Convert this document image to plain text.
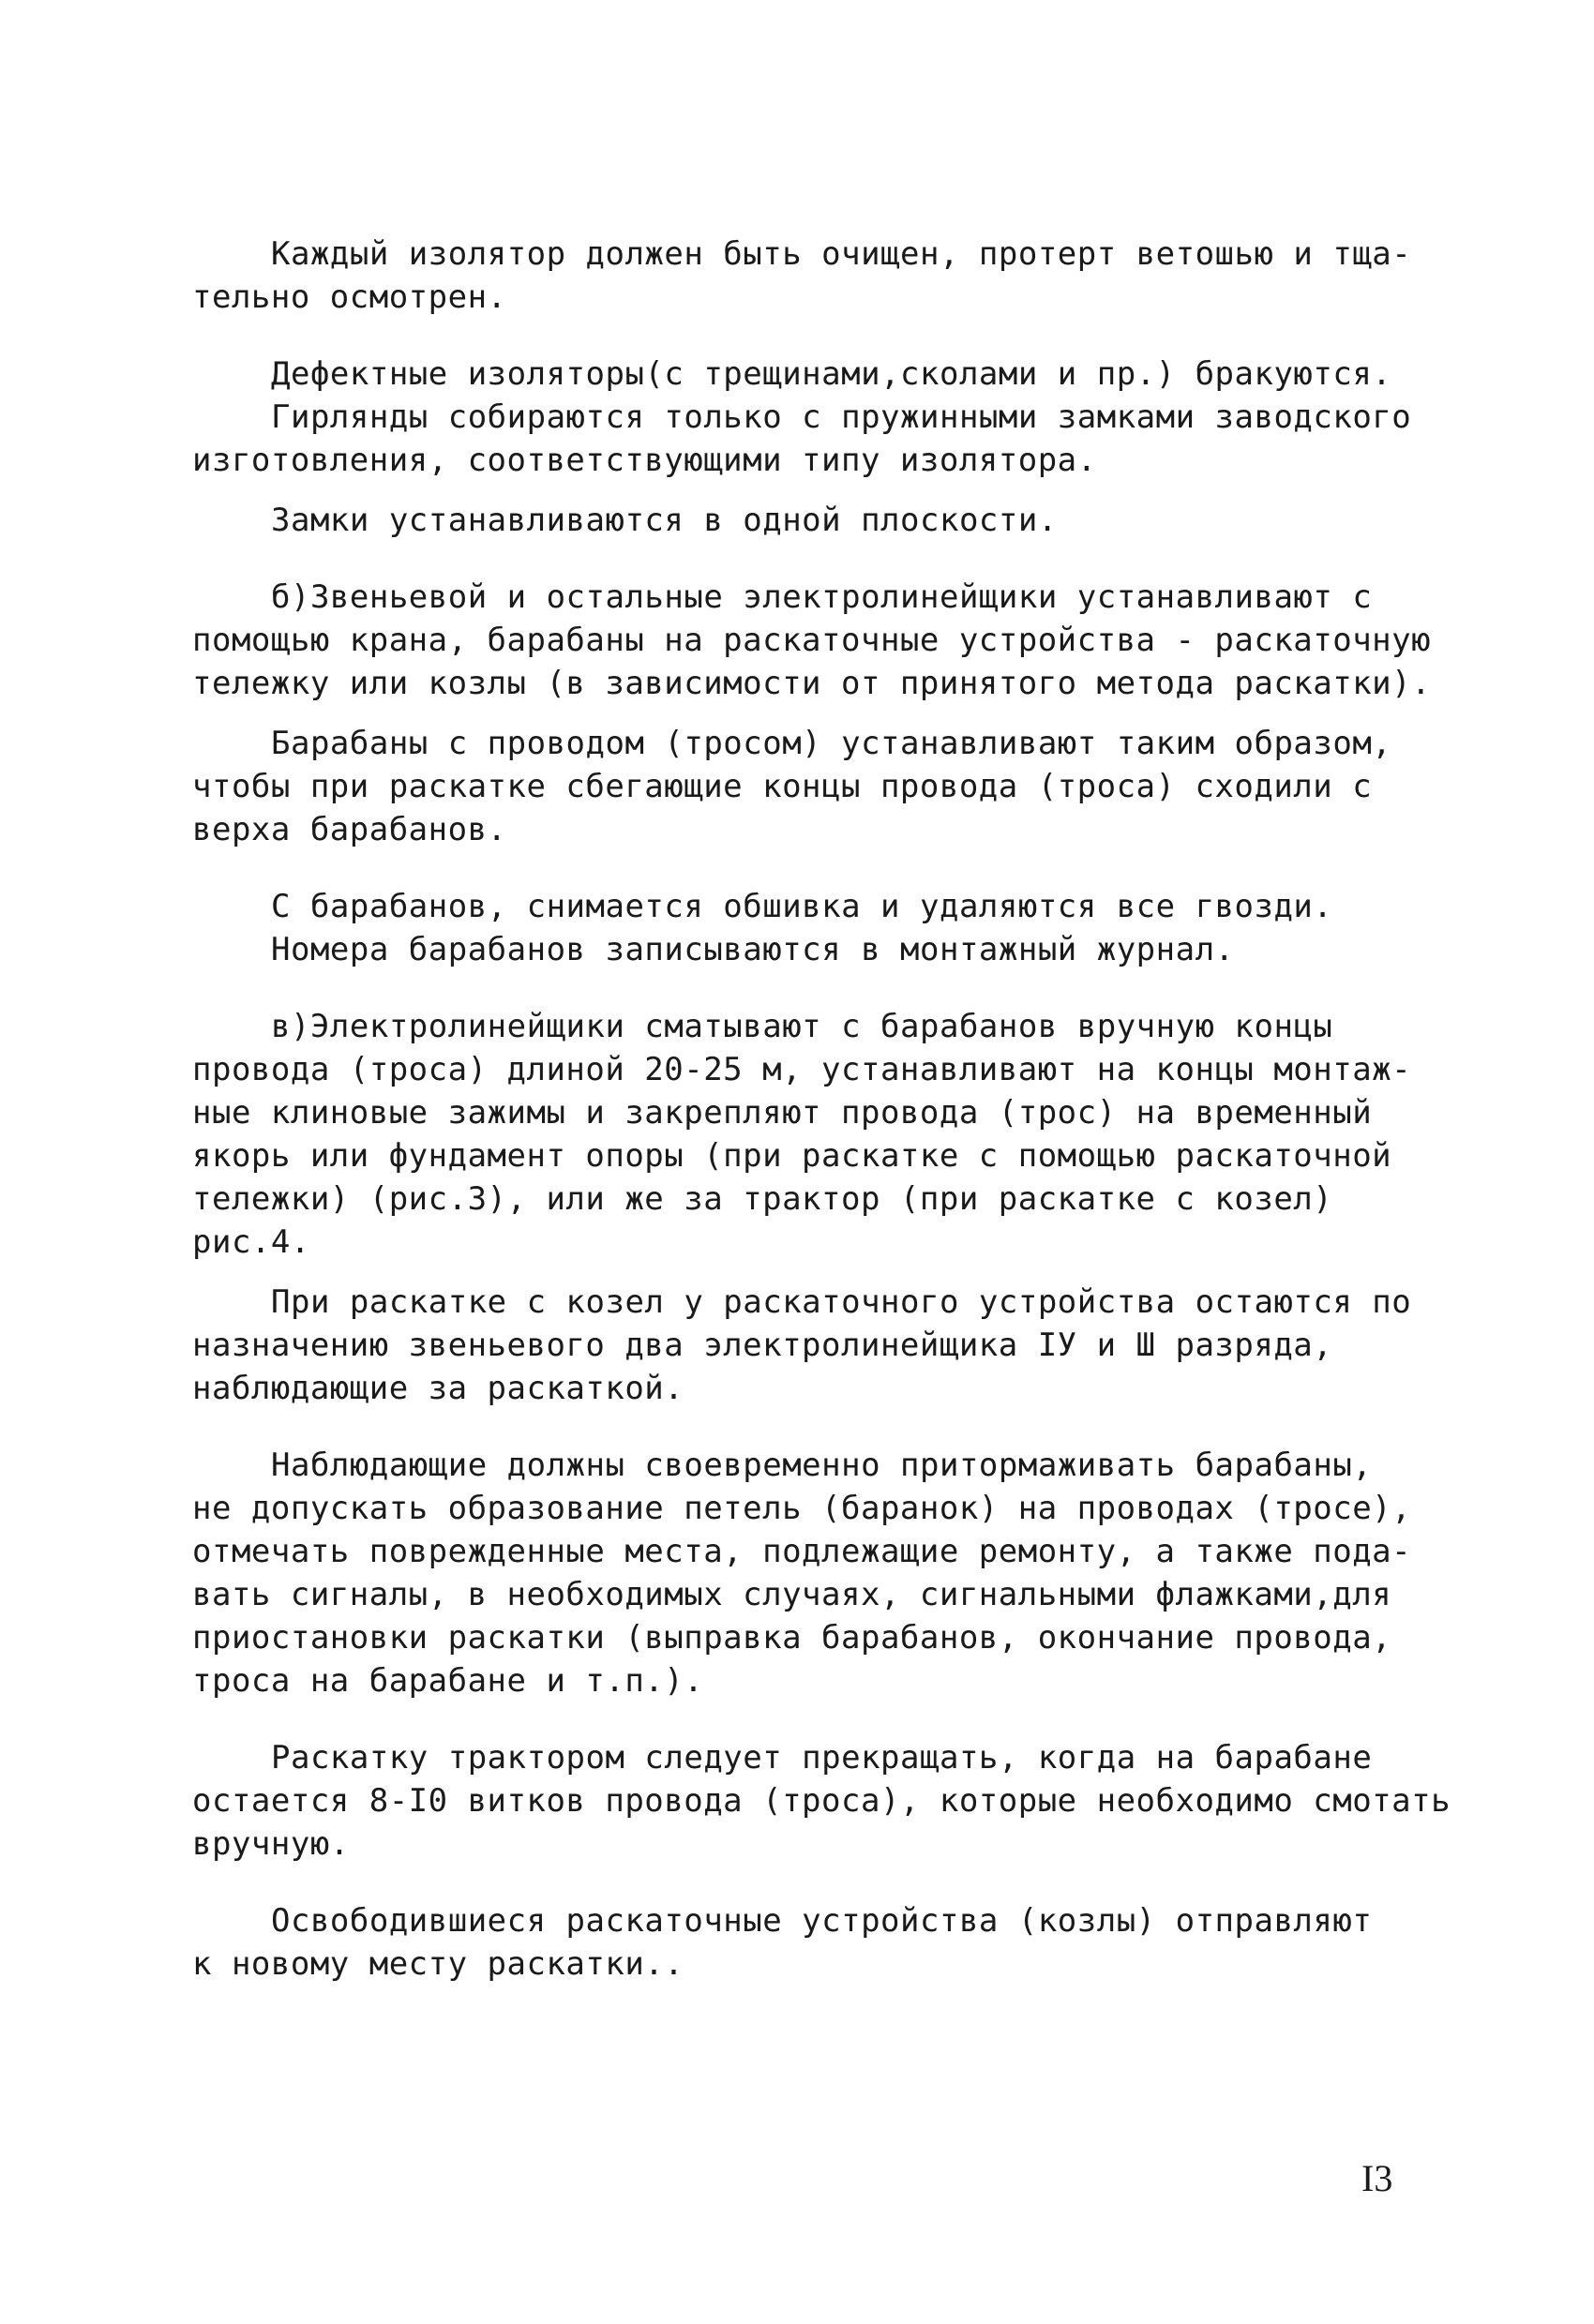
Каждый изолятор должен быть очищен, протерт ветошью и тща-
тельно осмотрен.

Дефектные изоляторы(с трещинами,сколами и пр.) бракуются.

Гирлянды собираются только с пружинными замками заводского
изготовления, соответствующими типу изолятора.

Замки устанавливаются в одной плоскости.

б)Звеньевой и остальные электролинейщики устанавливают с
помощью крана, барабаны на раскаточные устройства - раскаточную
тележку или козлы (в зависимости от принятого метода раскатки).

Барабаны с проводом (тросом) устанавливают таким образом,
чтобы при раскатке сбегающие концы провода (троса) сходили с
верха барабанов.

С барабанов, снимается обшивка и удаляются все гвозди.

Номера барабанов записываются в монтажный журнал.

в)Электролинейщики сматывают с барабанов вручную концы
провода (троса) длиной 20-25 м, устанавливают на концы монтаж-
ные клиновые зажимы и закрепляют провода (трос) на временный
якорь или фундамент опоры (при раскатке с помощью раскаточной
тележки) (рис.3), или же за трактор (при раскатке с козел)
рис.4.

При раскатке с козел у раскаточного устройства остаются по
назначению звеньевого два электролинейщика IУ и Ш разряда,
наблюдающие за раскаткой.

Наблюдающие должны своевременно притормаживать барабаны,
не допускать образование петель (баранок) на проводах (тросе),
отмечать поврежденные места, подлежащие ремонту, а также пода-
вать сигналы, в необходимых случаях, сигнальными флажками,для
приостановки раскатки (выправка барабанов, окончание провода,
троса на барабане и т.п.).

Раскатку трактором следует прекращать, когда на барабане
остается 8-I0 витков провода (троса), которые необходимо смотать
вручную.

Освободившиеся раскаточные устройства (козлы) отправляют
к новому месту раскатки..

I3
